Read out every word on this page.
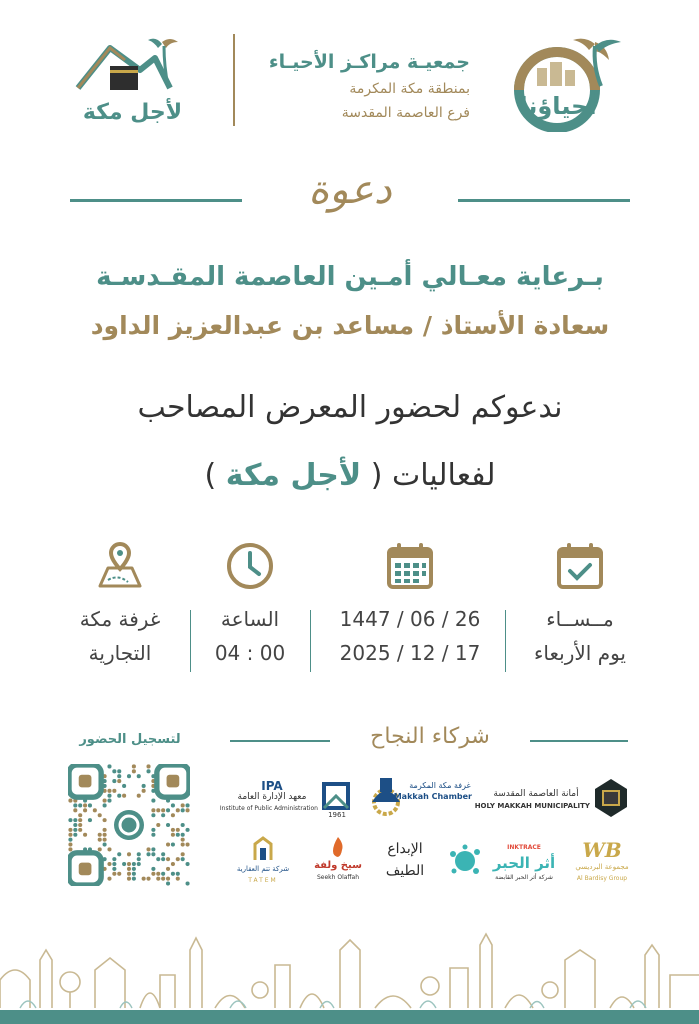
أحياؤنا
جمعيـة مراكـز الأحيـاء
بمنطقة مكة المكرمة
فرع العاصمة المقدسة
لأجل مكة
دعوة
بـرعاية معـالي أمـين العاصمة المقـدسـة
سعادة الأستاذ / مساعد بن عبدالعزيز الداود
ندعوكم لحضور المعرض المصاحب
لفعاليات ( لأجل مكة )
مــســاء
يوم الأربعاء
1447 / 06 / 26
2025 / 12 / 17
الساعة
04 : 00
غرفة مكة
التجارية
شركاء النجاح
لتسجيل الحضور
أمانة العاصمة المقدسة
HOLY MAKKAH MUNICIPALITY
غرفة مكة المكرمة
Makkah Chamber
1961
IPA
معهد الإدارة العامة
Institute of Public Administration
WB
مجموعة البرديسي
Al Bardisy Group
INKTRACE
أثر الحبر
شركة أثر الحبر القابضة
الإبداع الطيف
سيخ ولفة
Seekh Olaffah
شركة تتم العقارية
TATEM
